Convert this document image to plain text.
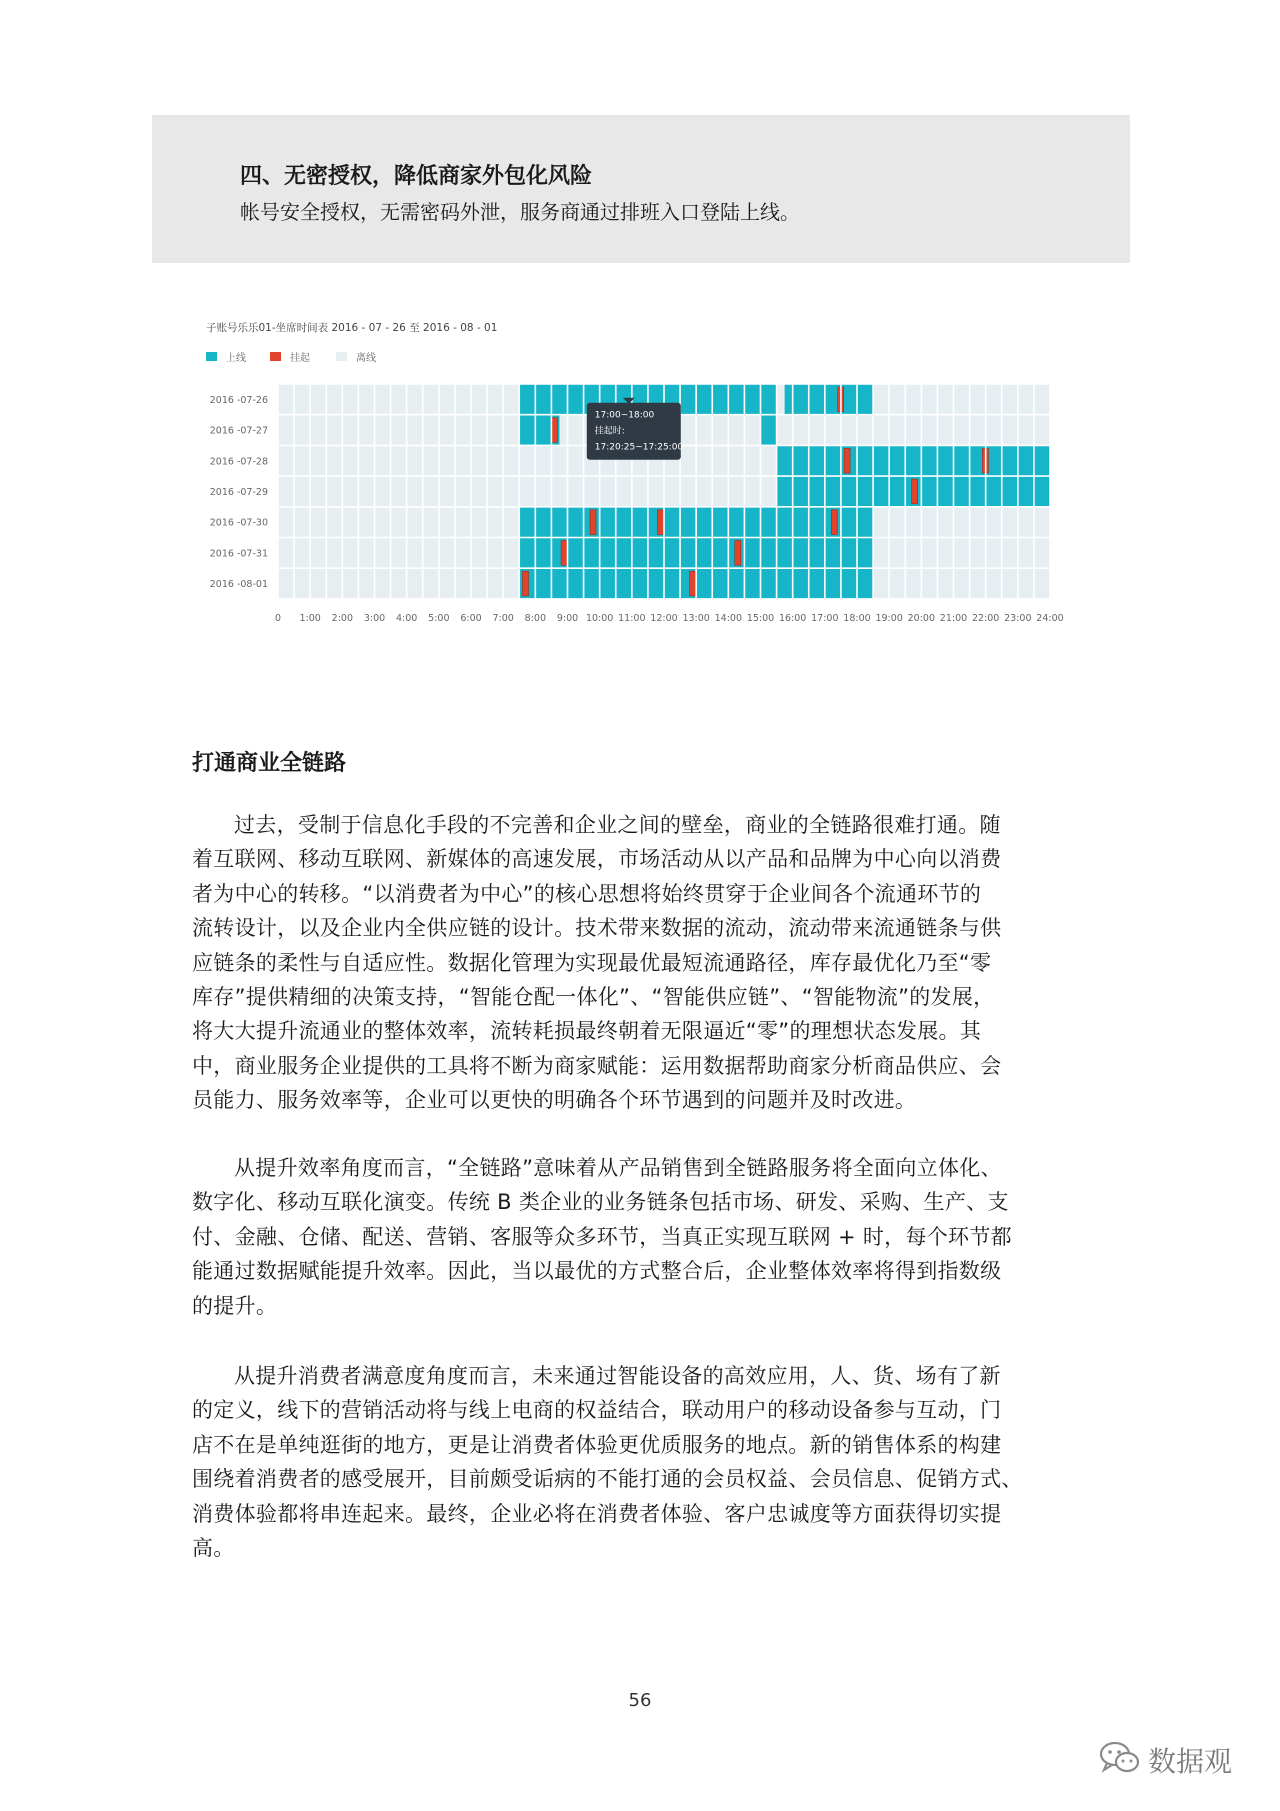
四、无密授权，降低商家外包化风险

帐号安全授权，无需密码外泄，服务商通过排班入口登陆上线。

子账号乐乐01-坐席时间表 2016 - 07 - 26 至 2016 - 08 - 01
上线	挂起	离线
2016 -07-26
2016 -07-27
2016 -07-28
2016 -07-29
2016 -07-30
2016 -07-31
2016 -08-01
0 1:00 2:00 3:00 4:00 5:00 6:00 7:00 8:00 9:00 10:00 11:00 12:00 13:00 14:00 15:00 16:00 17:00 18:00 19:00 20:00 21:00 22:00 23:00 24:00
17:00~18:00
挂起时:
17:20:25~17:25:00
打通商业全链路
过去，受制于信息化手段的不完善和企业之间的壁垒，商业的全链路很难打通。随
着互联网、移动互联网、新媒体的高速发展，市场活动从以产品和品牌为中心向以消费
者为中心的转移。“以消费者为中心”的核心思想将始终贯穿于企业间各个流通环节的
流转设计，以及企业内全供应链的设计。技术带来数据的流动，流动带来流通链条与供
应链条的柔性与自适应性。数据化管理为实现最优最短流通路径，库存最优化乃至“零
库存”提供精细的决策支持，“智能仓配一体化”、“智能供应链”、“智能物流”的发展，
将大大提升流通业的整体效率，流转耗损最终朝着无限逼近“零”的理想状态发展。其
中，商业服务企业提供的工具将不断为商家赋能：运用数据帮助商家分析商品供应、会
员能力、服务效率等，企业可以更快的明确各个环节遇到的问题并及时改进。
从提升效率角度而言，“全链路”意味着从产品销售到全链路服务将全面向立体化、
数字化、移动互联化演变。传统 B 类企业的业务链条包括市场、研发、采购、生产、支
付、金融、仓储、配送、营销、客服等众多环节，当真正实现互联网 + 时，每个环节都
能通过数据赋能提升效率。因此，当以最优的方式整合后，企业整体效率将得到指数级
的提升。
从提升消费者满意度角度而言，未来通过智能设备的高效应用，人、货、场有了新
的定义，线下的营销活动将与线上电商的权益结合，联动用户的移动设备参与互动，门
店不在是单纯逛街的地方，更是让消费者体验更优质服务的地点。新的销售体系的构建
围绕着消费者的感受展开，目前颇受诟病的不能打通的会员权益、会员信息、促销方式、
消费体验都将串连起来。最终，企业必将在消费者体验、客户忠诚度等方面获得切实提
高。
56
数据观
